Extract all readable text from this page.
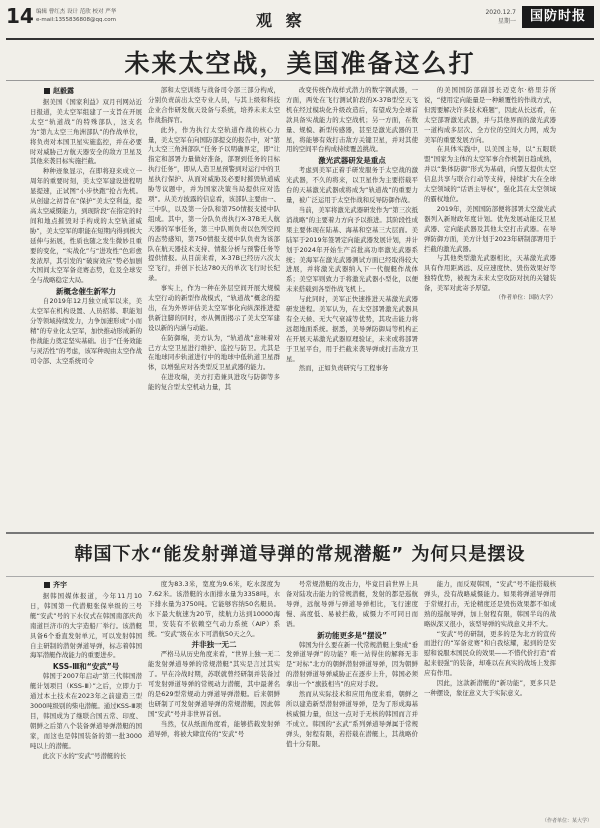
14 编辑 曹红杰 设计 范欣 校对 严华
e-mail:1355836808@qq.com	观 察	2020.12.7
星期一	国防时报
未来太空战，美国准备这么打
赵毅露

据美国《国家利益》双月刊网站近日报道，美太空军组建了一支旨在开展太空“轨道战”的特殊部队，这支名为“第九太空三角洲部队”的作战单位，将负责对本国卫星实施监控，并在必要时对威胁己方航天器安全的敌方卫星及其他来袭目标实施拦截。

种种迹象显示，在即将迎来成立一周年的重要时刻，美太空军建设进程明显提速，正试图“小步快跑”抢占先机。从创建之初旨在“保护”美太空利益，提高太空威慑能力，到现阶段“在指定的时间和地点摧毁对手构成的太空轨道威胁”，美太空军的职能在短期内得到极大延伸与拓展，性质也随之发生微妙且重要的变化，“实战化”与“进攻性”色彩愈发浓厚，其引发的“破窗效应”势必加剧大国间太空军备竞赛态势，危及全球安全与战略稳定大局。

新概念催生新军力

自2019年12月独立成军以来，美太空军在机构设置、人员招募、职能划分等领域持续发力，力争加速形成“小而精”的专业化太空军，加快推动形成新的作战能力奠定坚实基础。出于“任务效能与灵活性”的考虑，该军种现由太空作战司令部、太空系统司令

部和太空训练与战备司令部三部分构成，分别负责前出太空专业人员，与其上级和科技企业合作研发航天设备与系统，培养未来太空作战指挥官。

此外，作为执行太空轨道作战的核心力量，美太空军在向国防部提交的报告中，对“第九太空三角洲部队”任务予以明确界定，即“让指定和部署力量做好准备，部署到任务的目标执行任务”，即从人造卫星预警到对运行中的卫星执行保护、从面对威胁及必要时摧毁轨道威胁等议题中，并为国家决策当局提供应对选项”。从美方披露的信息看，该部队主要由一、三中队，以及第一分队和第750情报支援中队组成。其中，第一分队负责执行X-37B无人航天器的军事任务，第三中队则负责以色列空间的态势感知，第750情报支援中队负责为该部队在航天器技术支持、情报分析与预警任务等提供情报。从目前来看，X-37B已经历六次太空飞行，并创下长达780天的单次飞行时长纪录。

事实上，作为一种在外层空间开展大规模太空行动的新型作战模式，“轨道战”概念的提出，在为外界评估美太空军事化向纵深推进提供新注脚的同时，亦从侧面揭示了美太空军建设以新的内涵与动能。

在防御端，美方认为，“轨道战”意味着对己方太空卫星进行维护、监控与防卫。尤其是在地球同步轨道进行中的地球中低轨道卫星群体，以增强应对各类型反卫星武器的能力。

在进攻端，美方打造兼具进攻与防御等多能的复合型太空机动力量，其

改变传统作战样式潜力的数字钢武器，一方面，两处在飞行测试阶段的X-37B型空天飞机在经过模块化升级改造后，有望成为全球首款具备实战能力的太空战机；另一方面，在数量、规模、新型传感器，甚至是激光武器的卫星，将能够有效打击敌方关键卫星，并对其使用的空间平台构成持续覆盖挑战。

激光武器研发是重点

考虑到美军正着手研发服务于太空战的激光武器，不久的将来，以卫星作为主要搭载平台的天基激光武器或将成为“轨道战”的重要力量，被广泛运用于太空作战和反导防御作战。

当前，美军将激光武器研发作为“第三次抵消战略”的主要着力方向予以推进。其阶段性成果主要体现在陆基、海基和空基三大层面。美陆军于2019年签署定向能武器发展计划，并计划于2024年开始生产首批高功率激光武器系统；美海军在激光武器测试方面已经取得较大进展，并将激光武器纳入下一代舰艇作战体系；美空军则致力于将激光武器小型化，以便未来搭载到各型作战飞机上。

与此同时，美军正快速推进天基激光武器研发进程。美军认为，在太空部署激光武器具有全天候、无大气衰减等优势，其攻击能力将远超地面系统。据悉，美导弹防御局等机构正在开展天基激光武器原理验证，未来或将部署于卫星平台，用于拦截来袭导弹或打击敌方卫星。

然而，正如负责研究与工程事务

的美国国防部副部长迈克尔·格里芬所说，“使用定向能量是一种颠覆性的作战方式，但需要解决许多技术难题”，因此从长远看，在太空部署激光武器，并与其他界面的激光武器一道构成多层次、全方位的空间火力网，成为美军的重要发展方向。

在具体实践中，以美国主导，以“五眼联盟”国家为主体的太空军事合作机制日趋成熟，并以“集体防御”形式为基础，向盟友提供太空信息共享与联合行动等支持，持续扩大在全球太空领域的“话语主导权”，强化其在太空领域的霸权地位。

2019年，美国国防部便将部署太空激光武器列入新财政年度计划。优先发展动能反卫星武器、定向能武器及其他太空打击武器。在导弹防御方面，美方计划于2023年研制部署用于拦截的激光武器。

与其他类型激光武器相比，天基激光武器具有作用距离远、反应速度快、毁伤效果好等独特优势，被视为未来太空攻防对抗的关键装备，美军对此寄予厚望。

（作者单位：国防大学）

韩国下水“能发射弹道导弹的常规潜艇” 为何只是摆设
齐宇

据韩国媒体报道，今年11月10日，韩国第一代潜艇张保皋级的三号艇“安武”号的下水仪式在韩国南部庆尚南道巨济市的大宇造船厂举行。该潜艇具备6个垂直发射单元，可以发射韩国自主研制的潜射弹道导弹，标志着韩国海军潜艇作战能力的重要进步。

KSS-Ⅲ和“安武”号

韩国于2007年启动“第三代韩国潜艇计划项目（KSS-Ⅲ）”之后，立即力于通过本土技术在2023年之前建造三型3000吨级别的柴电潜艇。通过KSS-Ⅲ项目，韩国成为了继联合国五常、印度、朝鲜之后第八个装备弹道导弹潜艇的国家，而这也是韩国装备的第一批3000吨以上的潜艇。

此次下水的“安武”号潜艇的长

度为83.3米，宽度为9.6米，吃水深度为7.62米。该潜艇的水面排水量为3358吨，水下排水量为3750吨。它能够容纳50名艇员。水下最大航速为20节，续航力达到10000海里，安装有不依赖空气动力系统（AIP）系统。“安武”级在水下可潜航50天之久。

并非独一无二

严格马从历史角度来看，“世界上独一无二能发射弹道导弹的常规潜艇”其实是言过其实了。早在冷战时期，苏联就曾经研制并装备过可发射弹道导弹的常规动力潜艇，其中最著名的是629型常规动力弹道导弹潜艇。后来朝鲜也研制了可发射弹道导弹的常规潜艇，因此韩国“安武”号并非世界首创。

当然，仅从纸面角度看，能够搭载发射弹道导弹，将被大肆宣传的“安武”号

号常规潜艇的攻击力，毕竟目前世界上具备对陆攻击能力的常规潜艇，发射的都是巡航导弹，远航导弹与弹道导弹相比，飞行速度慢、高度低、易被拦截，威慑力不可同日而语。

新功能更多是“摆设”

韩国为什么要在新一代常规潜艇上集成“垂发弹道导弹”的功能？唯一站得住的解释无非是“对标”北方的朝鲜潜射弹道导弹，因为朝鲜的潜射弹道导弹威胁正在逐步上升，韩国必须拿出一个“旗鼓相当”的应对手段。

然而从实际技术和应用角度来看，朝鲜之所以建造新型潜射弹道导弹，是为了形成海基核威慑力量，但这一点对于无核的韩国而言并不成立。韩国的“玄武”系列弹道导弹属于常规弹头，射程有限，若搭载在潜艇上，其战略价值十分有限。

能力，而反观韩国，“安武”号不能搭载核弹头，没有战略威慑能力。如果将弹道导弹用于常规打击，无论精度还是毁伤效果都不如成熟的巡航导弹，加上射程有限，韩国半岛的战略纵深又很小，该型导弹的实战意义并不大。

“安武”号的研制，更多的是为北方的宣传而进行的“军备竞赛”和自我炫耀，起到的是安慰和说服本国民众的效果——不惜代价打造“看起来很强”的装备，却难以在真实的战场上发挥应有作用。

因此，这款新潜艇的“新功能”，更多只是一种摆设，象征意义大于实际意义。

（作者单位：某大学）
